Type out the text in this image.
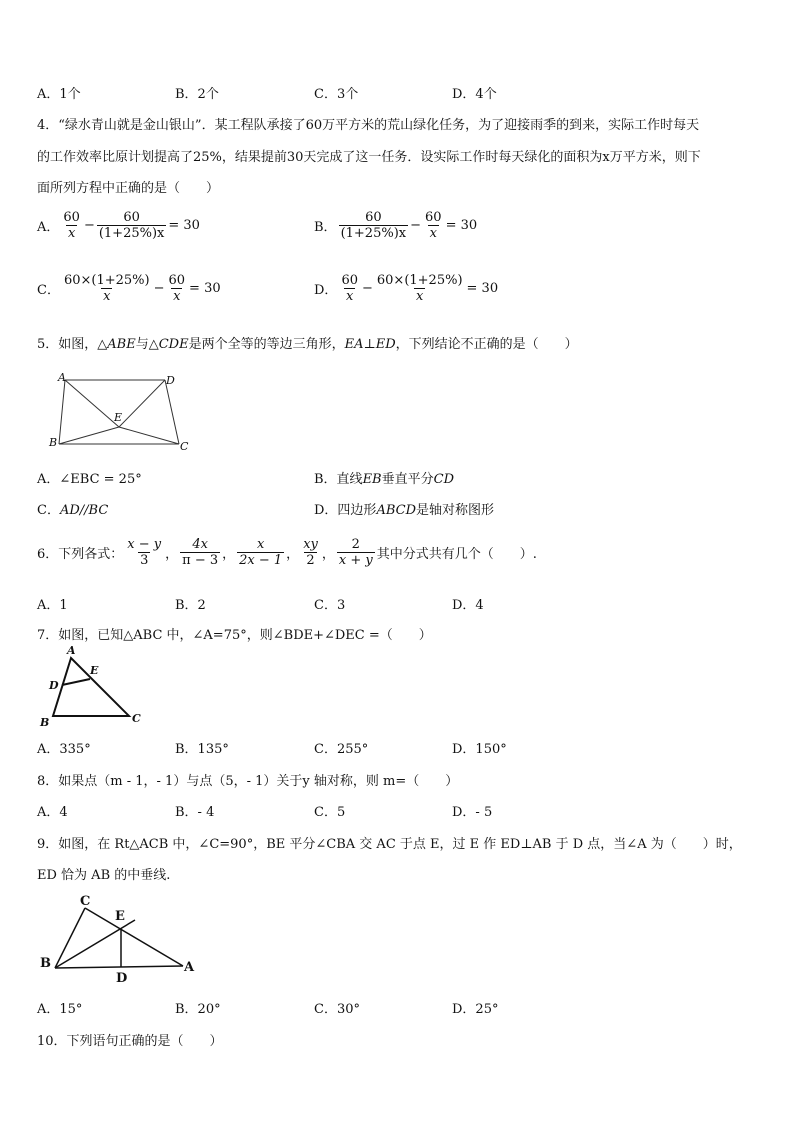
A．1个	B．2个	C．3个	D．4个
4．“绿水青山就是金山银山”．某工程队承接了60万平方米的荒山绿化任务，为了迎接雨季的到来，实际工作时每天
的工作效率比原计划提高了25%，结果提前30天完成了这一任务．设实际工作时每天绿化的面积为x万平方米，则下
面所列方程中正确的是（　　）
A． $\frac{60}{x} - \frac{60}{(1+25\%)x} = 30$	B． $\frac{60}{(1+25\%)x} - \frac{60}{x} = 30$
C． $\frac{60\times(1+25\%)}{x} - \frac{60}{x} = 30$	D． $\frac{60}{x} - \frac{60\times(1+25\%)}{x} = 30$
5．如图，△ABE与△CDE是两个全等的等边三角形，EA⊥ED，下列结论不正确的是（　　）
A	D
E
B	C
A．∠EBC = 25°	B．直线EB垂直平分CD
C．AD//BC	D．四边形ABCD是轴对称图形
6．下列各式： $\frac{x - y}{3}$ ， $\frac{4x}{\pi - 3}$ ， $\frac{x}{2x - 1}$ ， $\frac{xy}{2}$ ， $\frac{2}{x + y}$ 其中分式共有几个（　　）.
A．1	B．2	C．3	D．4
7．如图，已知△ABC 中，∠A=75°，则∠BDE+∠DEC =（　　）
A
E
D
B	C
A．335°	B．135°	C．255°	D．150°
8．如果点（m - 1，- 1）与点（5，- 1）关于y 轴对称，则 m=（　　）
A．4	B．- 4	C．5	D．- 5
9．如图，在 Rt△ACB 中，∠C=90°，BE 平分∠CBA 交 AC 于点 E，过 E 作 ED⊥AB 于 D 点，当∠A 为（　　）时，
ED 恰为 AB 的中垂线.
C
E
B
D
A
A．15°	B．20°	C．30°	D．25°
10．下列语句正确的是（　　）
